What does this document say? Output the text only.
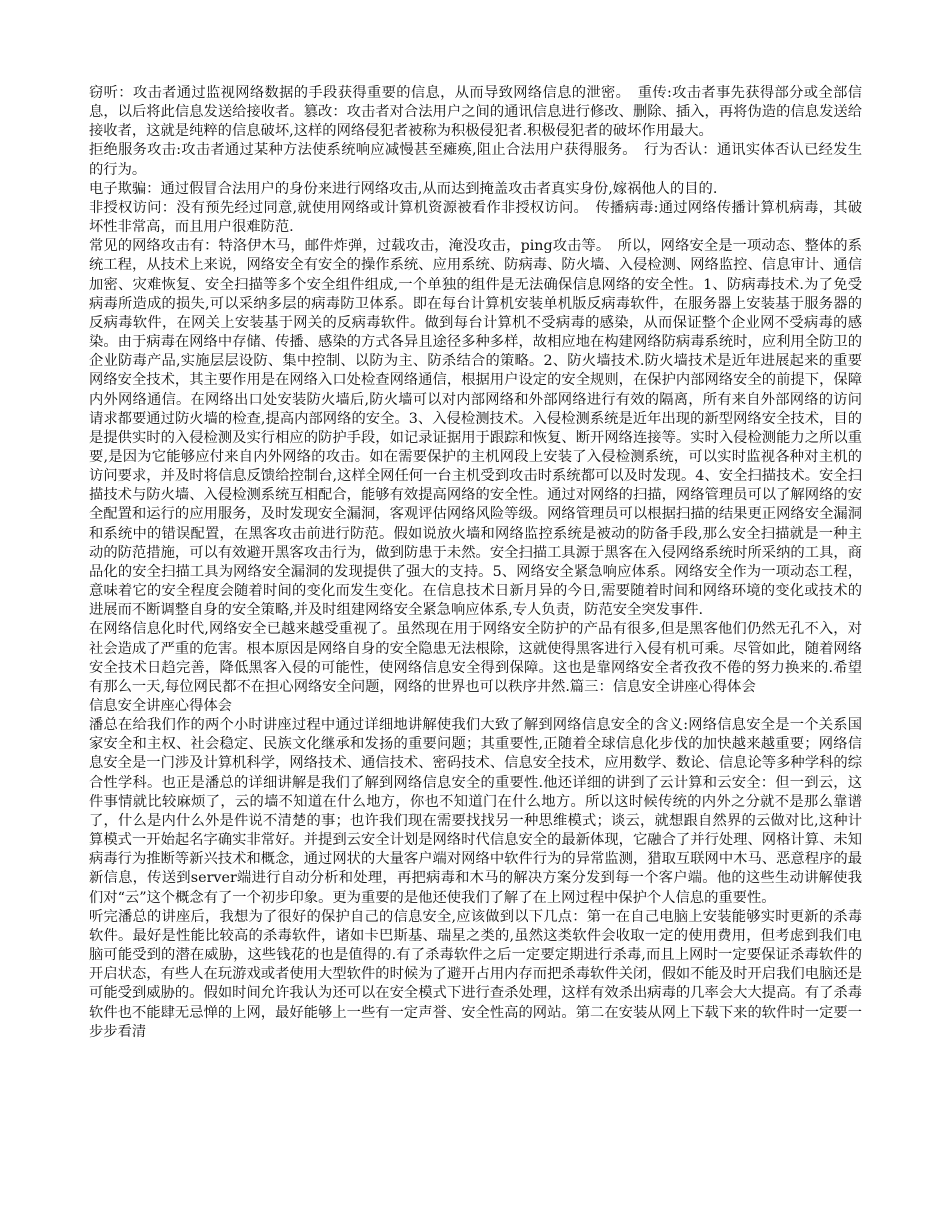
窃听：攻击者通过监视网络数据的手段获得重要的信息，从而导致网络信息的泄密。　重传:攻击者事先获得部分或全部信息，以后将此信息发送给接收者。篡改：攻击者对合法用户之间的通讯信息进行修改、删除、插入，再将伪造的信息发送给接收者，这就是纯粹的信息破坏,这样的网络侵犯者被称为积极侵犯者.积极侵犯者的破坏作用最大。

拒绝服务攻击:攻击者通过某种方法使系统响应减慢甚至瘫痪,阻止合法用户获得服务。　行为否认：通讯实体否认已经发生的行为。

电子欺骗：通过假冒合法用户的身份来进行网络攻击,从而达到掩盖攻击者真实身份,嫁祸他人的目的.

非授权访问：没有预先经过同意,就使用网络或计算机资源被看作非授权访问。　传播病毒:通过网络传播计算机病毒，其破坏性非常高，而且用户很难防范.

常见的网络攻击有：特洛伊木马，邮件炸弹，过载攻击，淹没攻击，ping攻击等。　所以，网络安全是一项动态、整体的系统工程，从技术上来说，网络安全有安全的操作系统、应用系统、防病毒、防火墙、入侵检测、网络监控、信息审计、通信加密、灾难恢复、安全扫描等多个安全组件组成,一个单独的组件是无法确保信息网络的安全性。1、防病毒技术.为了免受病毒所造成的损失,可以采纳多层的病毒防卫体系。即在每台计算机安装单机版反病毒软件，在服务器上安装基于服务器的反病毒软件，在网关上安装基于网关的反病毒软件。做到每台计算机不受病毒的感染，从而保证整个企业网不受病毒的感染。由于病毒在网络中存储、传播、感染的方式各异且途径多种多样，故相应地在构建网络防病毒系统时，应利用全防卫的企业防毒产品,实施层层设防、集中控制、以防为主、防杀结合的策略。2、防火墙技术.防火墙技术是近年进展起来的重要网络安全技术，其主要作用是在网络入口处检查网络通信，根据用户设定的安全规则，在保护内部网络安全的前提下，保障内外网络通信。在网络出口处安装防火墙后,防火墙可以对内部网络和外部网络进行有效的隔离，所有来自外部网络的访问请求都要通过防火墙的检查,提高内部网络的安全。3、入侵检测技术。入侵检测系统是近年出现的新型网络安全技术，目的是提供实时的入侵检测及实行相应的防护手段，如记录证据用于跟踪和恢复、断开网络连接等。实时入侵检测能力之所以重要,是因为它能够应付来自内外网络的攻击。如在需要保护的主机网段上安装了入侵检测系统，可以实时监视各种对主机的访问要求，并及时将信息反馈给控制台,这样全网任何一台主机受到攻击时系统都可以及时发现。4、安全扫描技术。安全扫描技术与防火墙、入侵检测系统互相配合，能够有效提高网络的安全性。通过对网络的扫描，网络管理员可以了解网络的安全配置和运行的应用服务，及时发现安全漏洞，客观评估网络风险等级。网络管理员可以根据扫描的结果更正网络安全漏洞和系统中的错误配置，在黑客攻击前进行防范。假如说放火墙和网络监控系统是被动的防备手段,那么安全扫描就是一种主动的防范措施，可以有效避开黑客攻击行为，做到防患于未然。安全扫描工具源于黑客在入侵网络系统时所采纳的工具，商品化的安全扫描工具为网络安全漏洞的发现提供了强大的支持。5、网络安全紧急响应体系。网络安全作为一项动态工程，意味着它的安全程度会随着时间的变化而发生变化。在信息技术日新月异的今日,需要随着时间和网络环境的变化或技术的进展而不断调整自身的安全策略,并及时组建网络安全紧急响应体系,专人负责，防范安全突发事件.

在网络信息化时代,网络安全已越来越受重视了。虽然现在用于网络安全防护的产品有很多,但是黑客他们仍然无孔不入，对社会造成了严重的危害。根本原因是网络自身的安全隐患无法根除，这就使得黑客进行入侵有机可乘。尽管如此，随着网络安全技术日趋完善，降低黑客入侵的可能性，使网络信息安全得到保障。这也是靠网络安全者孜孜不倦的努力换来的.希望有那么一天,每位网民都不在担心网络安全问题，网络的世界也可以秩序井然.篇三：信息安全讲座心得体会

信息安全讲座心得体会

潘总在给我们作的两个小时讲座过程中通过详细地讲解使我们大致了解到网络信息安全的含义:网络信息安全是一个关系国家安全和主权、社会稳定、民族文化继承和发扬的重要问题；其重要性,正随着全球信息化步伐的加快越来越重要；网络信息安全是一门涉及计算机科学，网络技术、通信技术、密码技术、信息安全技术，应用数学、数论、信息论等多种学科的综合性学科。也正是潘总的详细讲解是我们了解到网络信息安全的重要性.他还详细的讲到了云计算和云安全：但一到云，这件事情就比较麻烦了，云的墙不知道在什么地方，你也不知道门在什么地方。所以这时候传统的内外之分就不是那么靠谱了，什么是内什么外是件说不清楚的事；也许我们现在需要找找另一种思维模式；谈云，就想跟自然界的云做对比,这种计算模式一开始起名字确实非常好。并提到云安全计划是网络时代信息安全的最新体现，它融合了并行处理、网格计算、未知病毒行为推断等新兴技术和概念，通过网状的大量客户端对网络中软件行为的异常监测，猎取互联网中木马、恶意程序的最新信息，传送到server端进行自动分析和处理，再把病毒和木马的解决方案分发到每一个客户端。他的这些生动讲解使我们对“云”这个概念有了一个初步印象。更为重要的是他还使我们了解了在上网过程中保护个人信息的重要性。

听完潘总的讲座后，我想为了很好的保护自己的信息安全,应该做到以下几点：第一在自己电脑上安装能够实时更新的杀毒软件。最好是性能比较高的杀毒软件，诸如卡巴斯基、瑞星之类的,虽然这类软件会收取一定的使用费用，但考虑到我们电脑可能受到的潜在威胁，这些钱花的也是值得的.有了杀毒软件之后一定要定期进行杀毒,而且上网时一定要保证杀毒软件的开启状态，有些人在玩游戏或者使用大型软件的时候为了避开占用内存而把杀毒软件关闭，假如不能及时开启我们电脑还是可能受到威胁的。假如时间允许我认为还可以在安全模式下进行查杀处理，这样有效杀出病毒的几率会大大提高。有了杀毒软件也不能肆无忌惮的上网，最好能够上一些有一定声誉、安全性高的网站。第二在安装从网上下载下来的软件时一定要一步步看清
